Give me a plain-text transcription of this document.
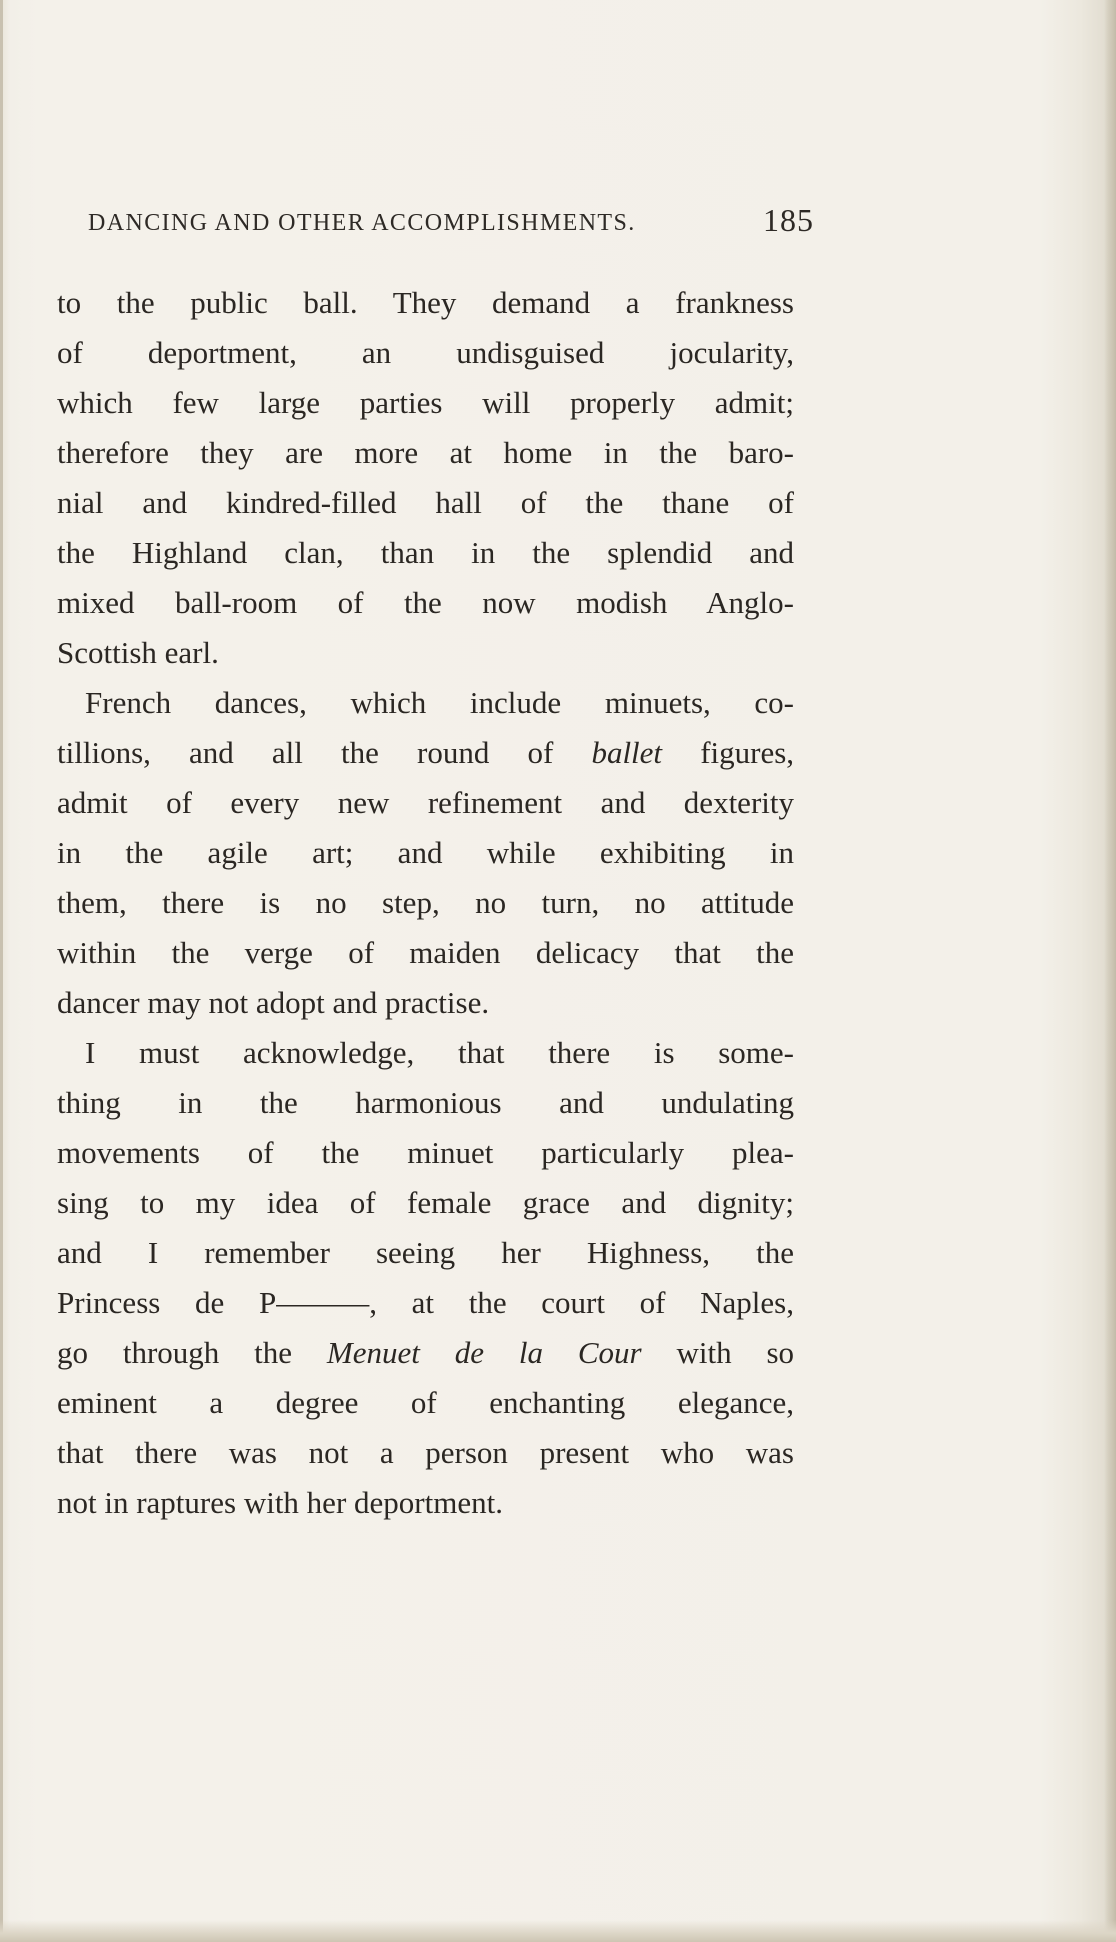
DANCING AND OTHER ACCOMPLISHMENTS.	185
to the public ball. They demand a frankness
of deportment, an undisguised jocularity,
which few large parties will properly admit;
therefore they are more at home in the baro-
nial and kindred-filled hall of the thane of
the Highland clan, than in the splendid and
mixed ball-room of the now modish Anglo-
Scottish earl.
French dances, which include minuets, co-
tillions, and all the round of ballet figures,
admit of every new refinement and dexterity
in the agile art; and while exhibiting in
them, there is no step, no turn, no attitude
within the verge of maiden delicacy that the
dancer may not adopt and practise.
I must acknowledge, that there is some-
thing in the harmonious and undulating
movements of the minuet particularly plea-
sing to my idea of female grace and dignity;
and I remember seeing her Highness, the
Princess de P———, at the court of Naples,
go through the Menuet de la Cour with so
eminent a degree of enchanting elegance,
that there was not a person present who was
not in raptures with her deportment.
